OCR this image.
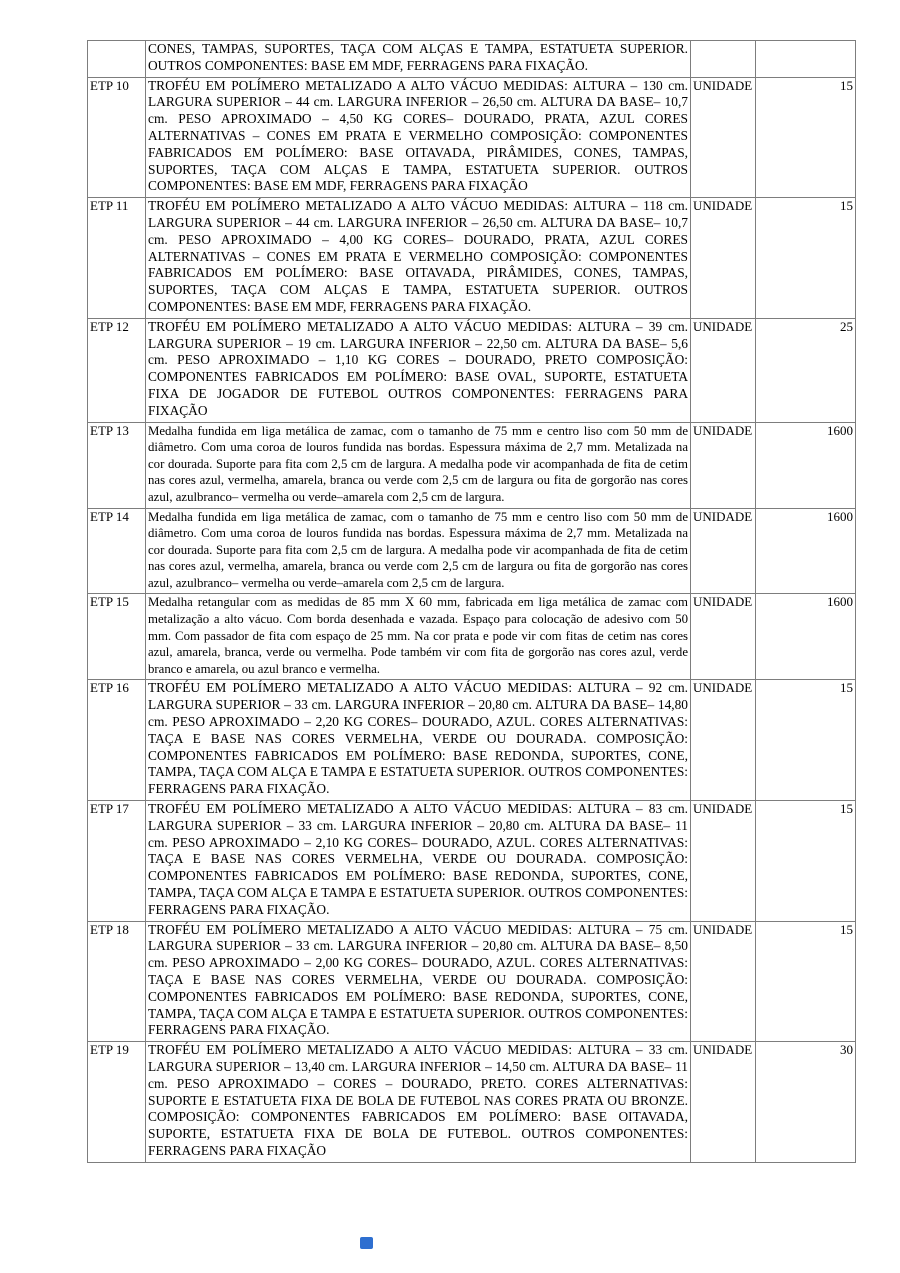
	CONES, TAMPAS, SUPORTES, TAÇA COM ALÇAS E TAMPA, ESTATUETA SUPERIOR. OUTROS COMPONENTES: BASE EM MDF, FERRAGENS PARA FIXAÇÃO.		
ETP 10	TROFÉU EM POLÍMERO METALIZADO A ALTO VÁCUO MEDIDAS: ALTURA – 130 cm. LARGURA SUPERIOR – 44 cm. LARGURA INFERIOR – 26,50 cm. ALTURA DA BASE– 10,7 cm. PESO APROXIMADO – 4,50 KG CORES– DOURADO, PRATA, AZUL CORES ALTERNATIVAS – CONES EM PRATA E VERMELHO COMPOSIÇÃO: COMPONENTES FABRICADOS EM POLÍMERO: BASE OITAVADA, PIRÂMIDES, CONES, TAMPAS, SUPORTES, TAÇA COM ALÇAS E TAMPA, ESTATUETA SUPERIOR. OUTROS COMPONENTES: BASE EM MDF, FERRAGENS PARA FIXAÇÃO	UNIDADE	15
ETP 11	TROFÉU EM POLÍMERO METALIZADO A ALTO VÁCUO MEDIDAS: ALTURA – 118 cm. LARGURA SUPERIOR – 44 cm. LARGURA INFERIOR – 26,50 cm. ALTURA DA BASE– 10,7 cm. PESO APROXIMADO – 4,00 KG CORES– DOURADO, PRATA, AZUL CORES ALTERNATIVAS – CONES EM PRATA E VERMELHO COMPOSIÇÃO: COMPONENTES FABRICADOS EM POLÍMERO: BASE OITAVADA, PIRÂMIDES, CONES, TAMPAS, SUPORTES, TAÇA COM ALÇAS E TAMPA, ESTATUETA SUPERIOR. OUTROS COMPONENTES: BASE EM MDF, FERRAGENS PARA FIXAÇÃO.	UNIDADE	15
ETP 12	TROFÉU EM POLÍMERO METALIZADO A ALTO VÁCUO MEDIDAS: ALTURA – 39 cm. LARGURA SUPERIOR – 19 cm. LARGURA INFERIOR – 22,50 cm. ALTURA DA BASE– 5,6 cm. PESO APROXIMADO – 1,10 KG CORES – DOURADO, PRETO COMPOSIÇÃO: COMPONENTES FABRICADOS EM POLÍMERO: BASE OVAL, SUPORTE, ESTATUETA FIXA DE JOGADOR DE FUTEBOL OUTROS COMPONENTES: FERRAGENS PARA FIXAÇÃO	UNIDADE	25
ETP 13	Medalha fundida em liga metálica de zamac, com o tamanho de 75 mm e centro liso com 50 mm de diâmetro. Com uma coroa de louros fundida nas bordas. Espessura máxima de 2,7 mm. Metalizada na cor dourada. Suporte para fita com 2,5 cm de largura. A medalha pode vir acompanhada de fita de cetim nas cores azul, vermelha, amarela, branca ou verde com 2,5 cm de largura ou fita de gorgorão nas cores azul, azulbranco– vermelha ou verde–amarela com 2,5 cm de largura.	UNIDADE	1600
ETP 14	Medalha fundida em liga metálica de zamac, com o tamanho de 75 mm e centro liso com 50 mm de diâmetro. Com uma coroa de louros fundida nas bordas. Espessura máxima de 2,7 mm. Metalizada na cor dourada. Suporte para fita com 2,5 cm de largura. A medalha pode vir acompanhada de fita de cetim nas cores azul, vermelha, amarela, branca ou verde com 2,5 cm de largura ou fita de gorgorão nas cores azul, azulbranco– vermelha ou verde–amarela com 2,5 cm de largura.	UNIDADE	1600
ETP 15	Medalha retangular com as medidas de 85 mm X 60 mm, fabricada em liga metálica de zamac com metalização a alto vácuo. Com borda desenhada e vazada. Espaço para colocação de adesivo com 50 mm. Com passador de fita com espaço de 25 mm. Na cor prata e pode vir com fitas de cetim nas cores azul, amarela, branca, verde ou vermelha. Pode também vir com fita de gorgorão nas cores azul, verde branco e amarela, ou azul branco e vermelha.	UNIDADE	1600
ETP 16	TROFÉU EM POLÍMERO METALIZADO A ALTO VÁCUO MEDIDAS: ALTURA – 92 cm. LARGURA SUPERIOR – 33 cm. LARGURA INFERIOR – 20,80 cm. ALTURA DA BASE– 14,80 cm. PESO APROXIMADO – 2,20 KG CORES– DOURADO, AZUL. CORES ALTERNATIVAS: TAÇA E BASE NAS CORES VERMELHA, VERDE OU DOURADA. COMPOSIÇÃO: COMPONENTES FABRICADOS EM POLÍMERO: BASE REDONDA, SUPORTES, CONE, TAMPA, TAÇA COM ALÇA E TAMPA E ESTATUETA SUPERIOR. OUTROS COMPONENTES: FERRAGENS PARA FIXAÇÃO.	UNIDADE	15
ETP 17	TROFÉU EM POLÍMERO METALIZADO A ALTO VÁCUO MEDIDAS: ALTURA – 83 cm. LARGURA SUPERIOR – 33 cm. LARGURA INFERIOR – 20,80 cm. ALTURA DA BASE– 11 cm. PESO APROXIMADO – 2,10 KG CORES– DOURADO, AZUL. CORES ALTERNATIVAS: TAÇA E BASE NAS CORES VERMELHA, VERDE OU DOURADA. COMPOSIÇÃO: COMPONENTES FABRICADOS EM POLÍMERO: BASE REDONDA, SUPORTES, CONE, TAMPA, TAÇA COM ALÇA E TAMPA E ESTATUETA SUPERIOR. OUTROS COMPONENTES: FERRAGENS PARA FIXAÇÃO.	UNIDADE	15
ETP 18	TROFÉU EM POLÍMERO METALIZADO A ALTO VÁCUO MEDIDAS: ALTURA – 75 cm. LARGURA SUPERIOR – 33 cm. LARGURA INFERIOR – 20,80 cm. ALTURA DA BASE– 8,50 cm. PESO APROXIMADO – 2,00 KG CORES– DOURADO, AZUL. CORES ALTERNATIVAS: TAÇA E BASE NAS CORES VERMELHA, VERDE OU DOURADA. COMPOSIÇÃO: COMPONENTES FABRICADOS EM POLÍMERO: BASE REDONDA, SUPORTES, CONE, TAMPA, TAÇA COM ALÇA E TAMPA E ESTATUETA SUPERIOR. OUTROS COMPONENTES: FERRAGENS PARA FIXAÇÃO.	UNIDADE	15
ETP 19	TROFÉU EM POLÍMERO METALIZADO A ALTO VÁCUO MEDIDAS: ALTURA – 33 cm. LARGURA SUPERIOR – 13,40 cm. LARGURA INFERIOR – 14,50 cm. ALTURA DA BASE– 11 cm. PESO APROXIMADO – CORES – DOURADO, PRETO. CORES ALTERNATIVAS: SUPORTE E ESTATUETA FIXA DE BOLA DE FUTEBOL NAS CORES PRATA OU BRONZE. COMPOSIÇÃO: COMPONENTES FABRICADOS EM POLÍMERO: BASE OITAVADA, SUPORTE, ESTATUETA FIXA DE BOLA DE FUTEBOL. OUTROS COMPONENTES: FERRAGENS PARA FIXAÇÃO	UNIDADE	30
